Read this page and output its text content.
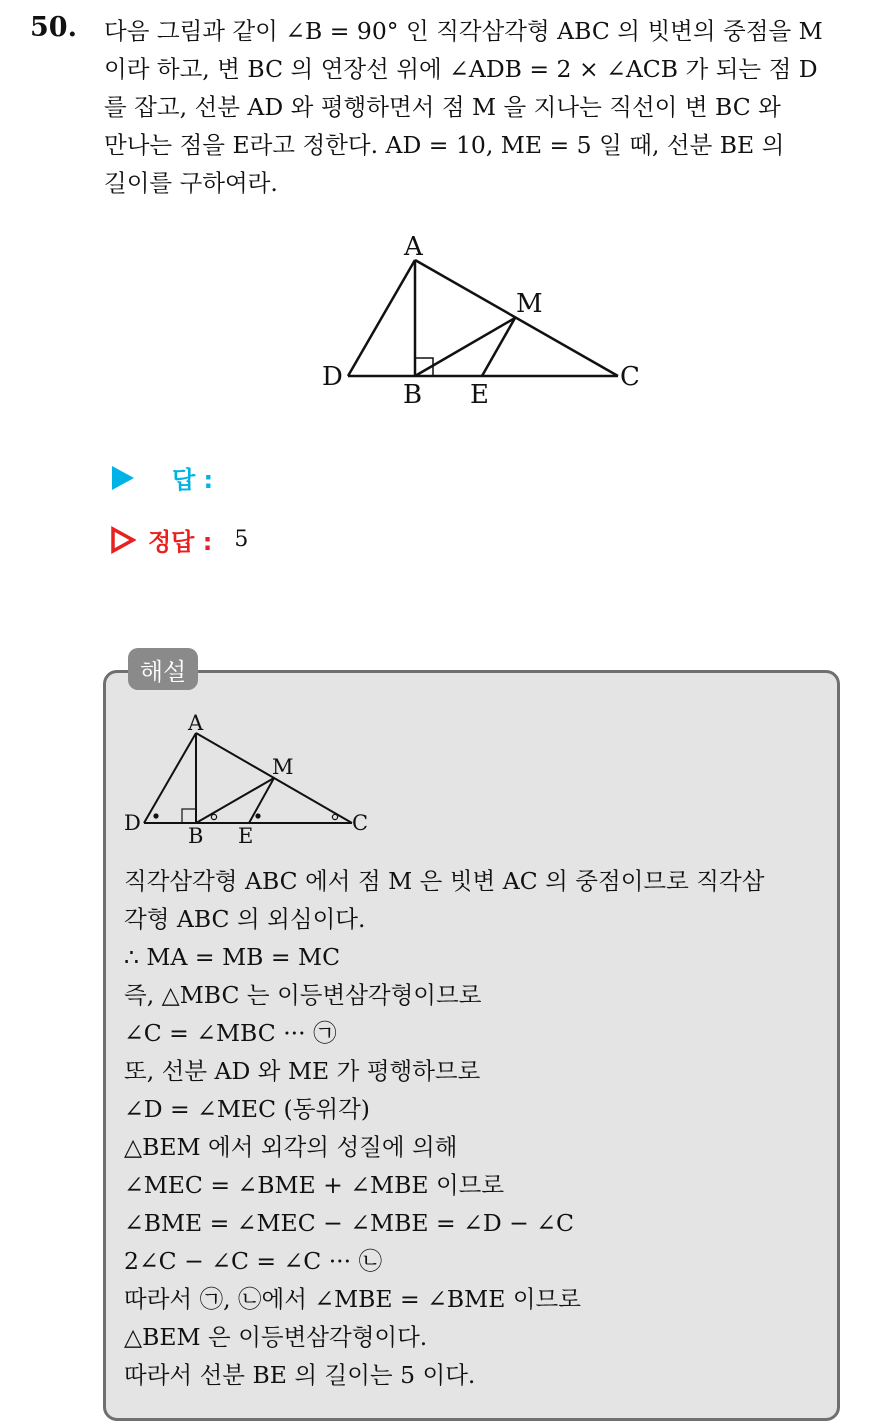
50. 다음 그림과 같이 ∠B = 90° 인 직각삼각형 ABC 의 빗변의 중점을 M
이라 하고, 변 BC 의 연장선 위에 ∠ADB = 2 × ∠ACB 가 되는 점 D
를 잡고, 선분 AD 와 평행하면서 점 M 을 지나는 직선이 변 BC 와
만나는 점을 E라고 정한다. AD = 10, ME = 5 일 때, 선분 BE 의
길이를 구하여라.
A
M
D	C
B E
답 :
정답 : 5
해설
A
M
D	C
B E
직각삼각형 ABC 에서 점 M 은 빗변 AC 의 중점이므로 직각삼
각형 ABC 의 외심이다.
∴ MA = MB = MC
즉, △MBC 는 이등변삼각형이므로
∠C = ∠MBC ··· ㉠
또, 선분 AD 와 ME 가 평행하므로
∠D = ∠MEC (동위각)
△BEM 에서 외각의 성질에 의해
∠MEC = ∠BME + ∠MBE 이므로
∠BME = ∠MEC − ∠MBE = ∠D − ∠C
2∠C − ∠C = ∠C ··· ㉡
따라서 ㉠, ㉡에서 ∠MBE = ∠BME 이므로
△BEM 은 이등변삼각형이다.
따라서 선분 BE 의 길이는 5 이다.
